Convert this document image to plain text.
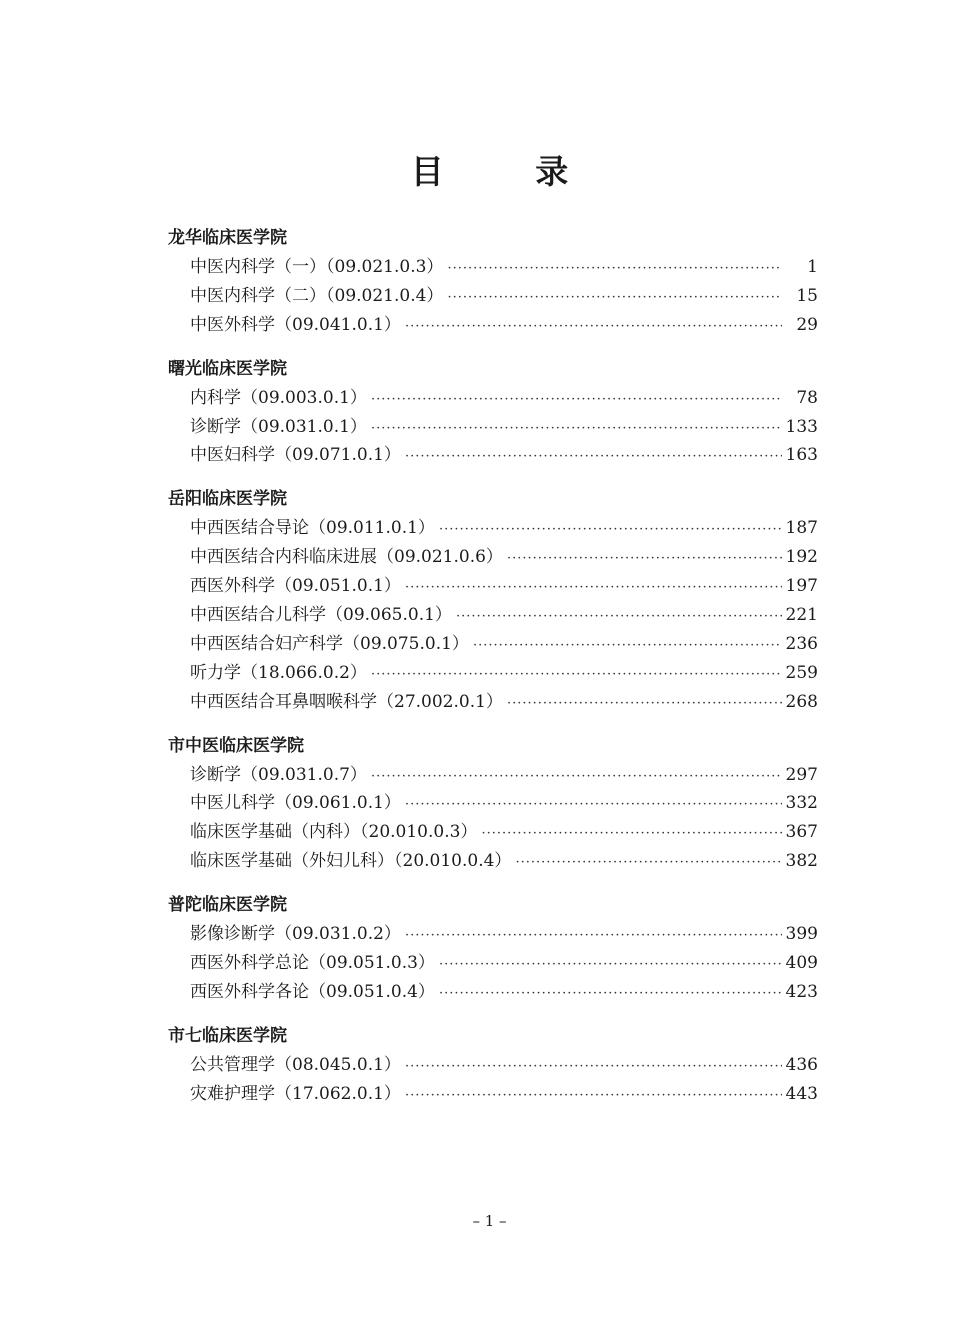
目 录
龙华临床医学院
中医内科学（一）（09.021.0.3） ·····	1
中医内科学（二）（09.021.0.4） ·····	15
中医外科学（09.041.0.1） ·····	29
曙光临床医学院
内科学（09.003.0.1） ·····	78
诊断学（09.031.0.1） ·····	133
中医妇科学（09.071.0.1） ·····	163
岳阳临床医学院
中西医结合导论（09.011.0.1） ·····	187
中西医结合内科临床进展（09.021.0.6） ·····	192
西医外科学（09.051.0.1） ·····	197
中西医结合儿科学（09.065.0.1） ·····	221
中西医结合妇产科学（09.075.0.1） ·····	236
听力学（18.066.0.2） ·····	259
中西医结合耳鼻咽喉科学（27.002.0.1） ·····	268
市中医临床医学院
诊断学（09.031.0.7） ·····	297
中医儿科学（09.061.0.1） ·····	332
临床医学基础（内科）（20.010.0.3） ·····	367
临床医学基础（外妇儿科）（20.010.0.4） ·····	382
普陀临床医学院
影像诊断学（09.031.0.2） ·····	399
西医外科学总论（09.051.0.3） ·····	409
西医外科学各论（09.051.0.4） ·····	423
市七临床医学院
公共管理学（08.045.0.1） ·····	436
灾难护理学（17.062.0.1） ·····	443
– 1 –
